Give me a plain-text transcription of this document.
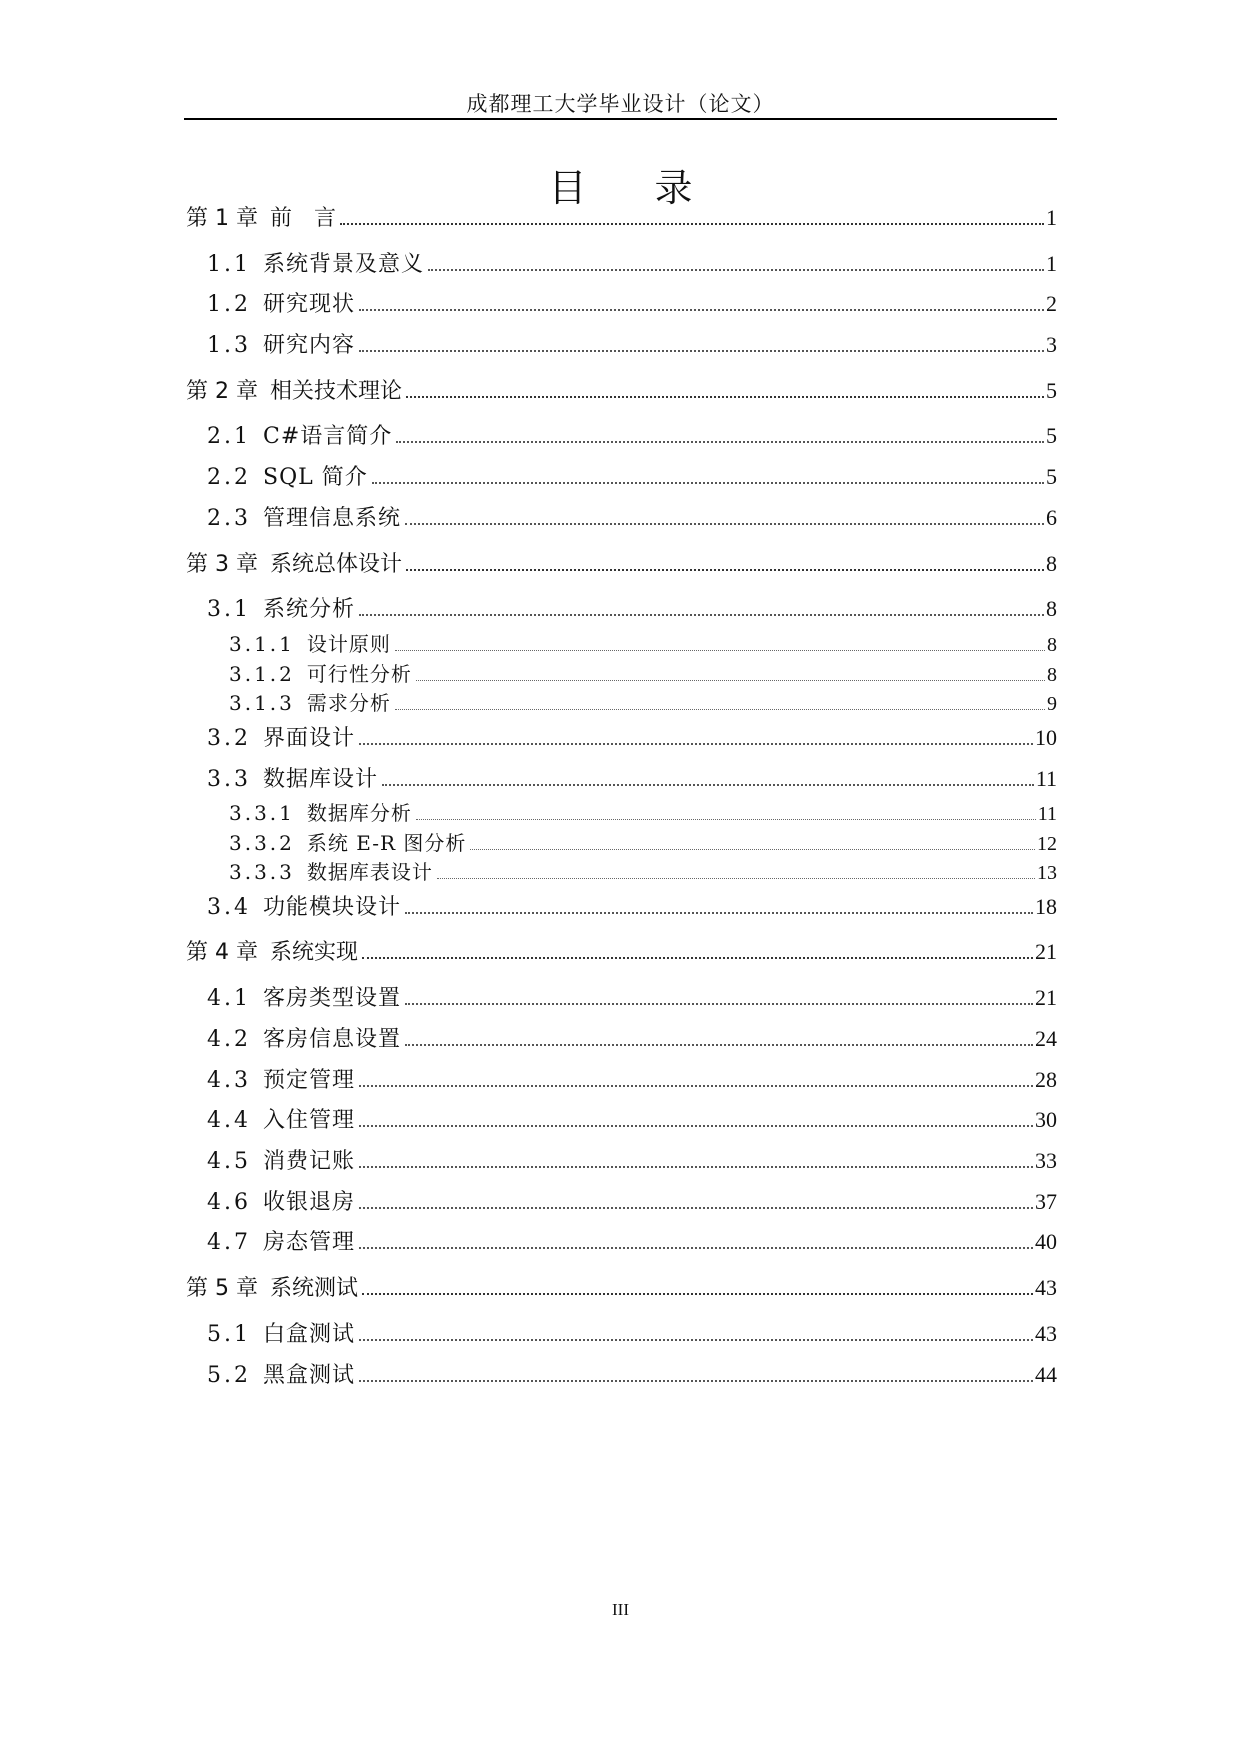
成都理工大学毕业设计（论文）
目 录
第 1 章 前　言	1
1.1 系统背景及意义	1
1.2 研究现状	2
1.3 研究内容	3
第 2 章 相关技术理论	5
2.1 C#语言简介	5
2.2 SQL 简介	5
2.3 管理信息系统	6
第 3 章 系统总体设计	8
3.1 系统分析	8
3.1.1 设计原则	8
3.1.2 可行性分析	8
3.1.3 需求分析	9
3.2 界面设计	10
3.3 数据库设计	11
3.3.1 数据库分析	11
3.3.2 系统 E-R 图分析	12
3.3.3 数据库表设计	13
3.4 功能模块设计	18
第 4 章 系统实现	21
4.1 客房类型设置	21
4.2 客房信息设置	24
4.3 预定管理	28
4.4 入住管理	30
4.5 消费记账	33
4.6 收银退房	37
4.7 房态管理	40
第 5 章 系统测试	43
5.1 白盒测试	43
5.2 黑盒测试	44
III
